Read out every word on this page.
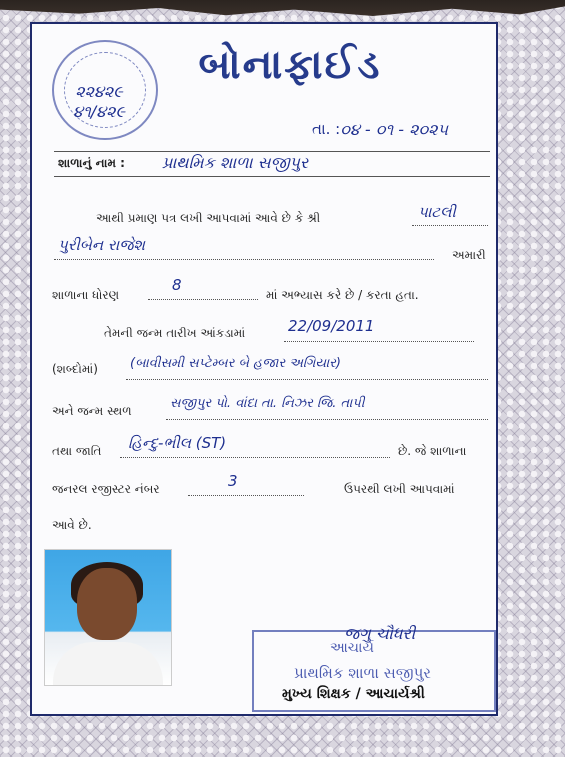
૨૨૪૨૯
૪૧/૪૨૯
બોનાફાઈડ
તા. : ૦૪ - ૦૧ - ૨૦૨૫
શાળાનું નામ : પ્રાથમિક શાળા સજીપુર
આથી પ્રમાણ પત્ર લખી આપવામાં આવે છે કે શ્રી	પાટલી
પુરીબેન રાજેશ
અમારી
શાળાના ધોરણ
8
માં અભ્યાસ કરે છે / કરતા હતા.
તેમની જન્મ તારીખ આંકડામાં	22/09/2011
(શબ્દોમાં) (બાવીસમી સપ્ટેમ્બર બે હજાર અગિયાર)
અને જન્મ સ્થળ	સજીપુર પો. વાંદા તા. નિઝર જિ. તાપી
તથા જાતિ હિન્દુ-ભીલ (ST)	છે. જે શાળાના
જનરલ રજીસ્ટર નંબર	3	ઉપરથી લખી આપવામાં
આવે છે.
જગુ ચૌધરી
આચાર્ય
પ્રાથમિક શાળા સજીપુર
મુખ્ય શિક્ષક / આચાર્યશ્રી
